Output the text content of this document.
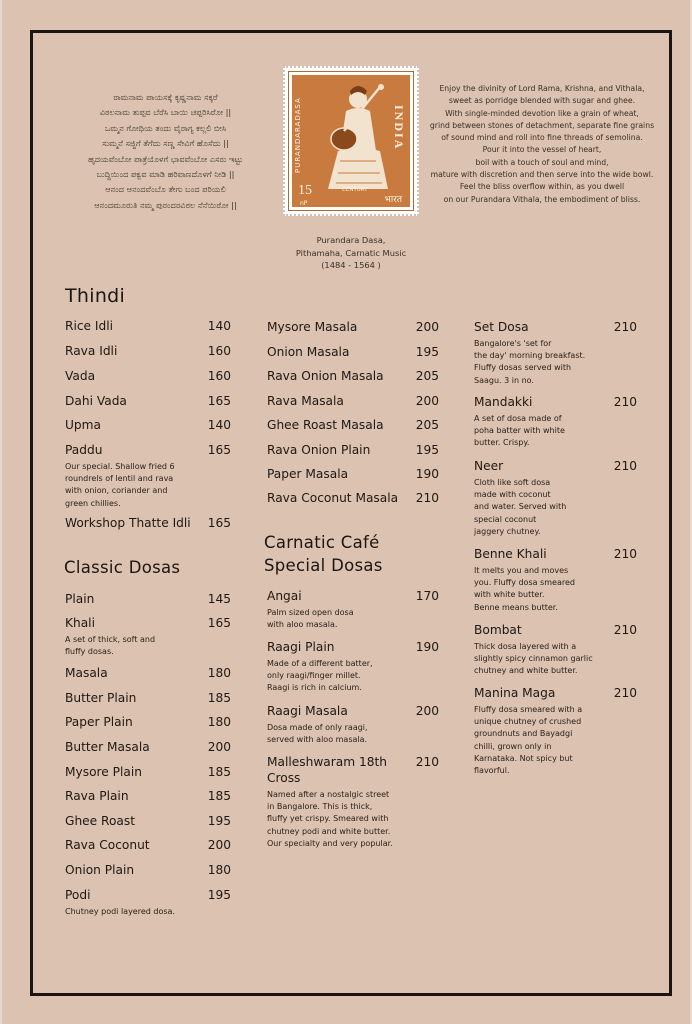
ರಾಮನಾಮ ಪಾಯಸಕ್ಕೆ ಕೃಷ್ಣನಾಮ ಸಕ್ಕರೆ
ವಿಠಲನಾಮ ತುಪ್ಪವ ಬೆರೆಸಿ ಬಾಯಿ ಚಪ್ಪರಿಸಿರೋ ||
ಒಮ್ಮನ ಗೋಧಿಯ ತಂದು ವೈರಾಗ್ಯ ಕಲ್ಲಲಿ ಬೀಸಿ
ಸುಮ್ಮನೆ ಸಜ್ಜಿಗೆ ತೆಗೆದು ಸಣ್ಣ ಸೇವಿಗೆ ಹೊಸೆದು ||
ಹೃದಯವೆಂಬೋ ಪಾತ್ರೆಯೊಳಗೆ ಭಾವವೆಂಬೋ ಎಸರು ಇಟ್ಟು
ಬುದ್ಧಿಯಿಂದ ಪಕ್ವವ ಮಾಡಿ ಹರಿವಾಣದೊಳಗೆ ನೀಡಿ ||
ಆನಂದ ಆನಂದವೆಂಬೊ ತೇಗು ಬಂದ ಪರಿಯಲಿ
ಆನಂದಮೂರುತಿ ನಮ್ಮ ಪುರಂದರವಿಠಲ ನೆನೆಯಿರೋ ||
PURANDARADASA	INDIA
15
nP	भारत
CENTURY
Purandara Dasa,
Pithamaha, Carnatic Music
(1484 - 1564 )
Enjoy the divinity of Lord Rama, Krishna, and Vithala,
sweet as porridge blended with sugar and ghee.
With single-minded devotion like a grain of wheat,
grind between stones of detachment, separate fine grains
of sound mind and roll into fine threads of semolina.
Pour it into the vessel of heart,
boil with a touch of soul and mind,
mature with discretion and then serve into the wide bowl.
Feel the bliss overflow within, as you dwell
on our Purandara Vithala, the embodiment of bliss.
Thindi
Classic Dosas
Carnatic Café
Special Dosas
Rice Idli	140
Rava Idli	160
Vada	160
Dahi Vada	165
Upma	140
Paddu	165
Our special. Shallow fried 6
roundrels of lentil and rava
with onion, coriander and
green chillies.
Workshop Thatte Idli	165
Plain	145
Khali	165
A set of thick, soft and
fluffy dosas.
Masala	180
Butter Plain	185
Paper Plain	180
Butter Masala	200
Mysore Plain	185
Rava Plain	185
Ghee Roast	195
Rava Coconut	200
Onion Plain	180
Podi	195
Chutney podi layered dosa.
Mysore Masala	200
Onion Masala	195
Rava Onion Masala	205
Rava Masala	200
Ghee Roast Masala	205
Rava Onion Plain	195
Paper Masala	190
Rava Coconut Masala	210
Angai	170
Palm sized open dosa
with aloo masala.
Raagi Plain	190
Made of a different batter,
only raagi/finger millet.
Raagi is rich in calcium.
Raagi Masala	200
Dosa made of only raagi,
served with aloo masala.
Malleshwaram 18th
Cross
210
Named after a nostalgic street
in Bangalore. This is thick,
fluffy yet crispy. Smeared with
chutney podi and white butter.
Our specialty and very popular.
Set Dosa	210
Bangalore's 'set for
the day' morning breakfast.
Fluffy dosas served with
Saagu. 3 in no.
Mandakki	210
A set of dosa made of
poha batter with white
butter. Crispy.
Neer	210
Cloth like soft dosa
made with coconut
and water. Served with
special coconut
jaggery chutney.
Benne Khali	210
It melts you and moves
you. Fluffy dosa smeared
with white butter.
Benne means butter.
Bombat	210
Thick dosa layered with a
slightly spicy cinnamon garlic
chutney and white butter.
Manina Maga	210
Fluffy dosa smeared with a
unique chutney of crushed
groundnuts and Bayadgi
chilli, grown only in
Karnataka. Not spicy but
flavorful.
